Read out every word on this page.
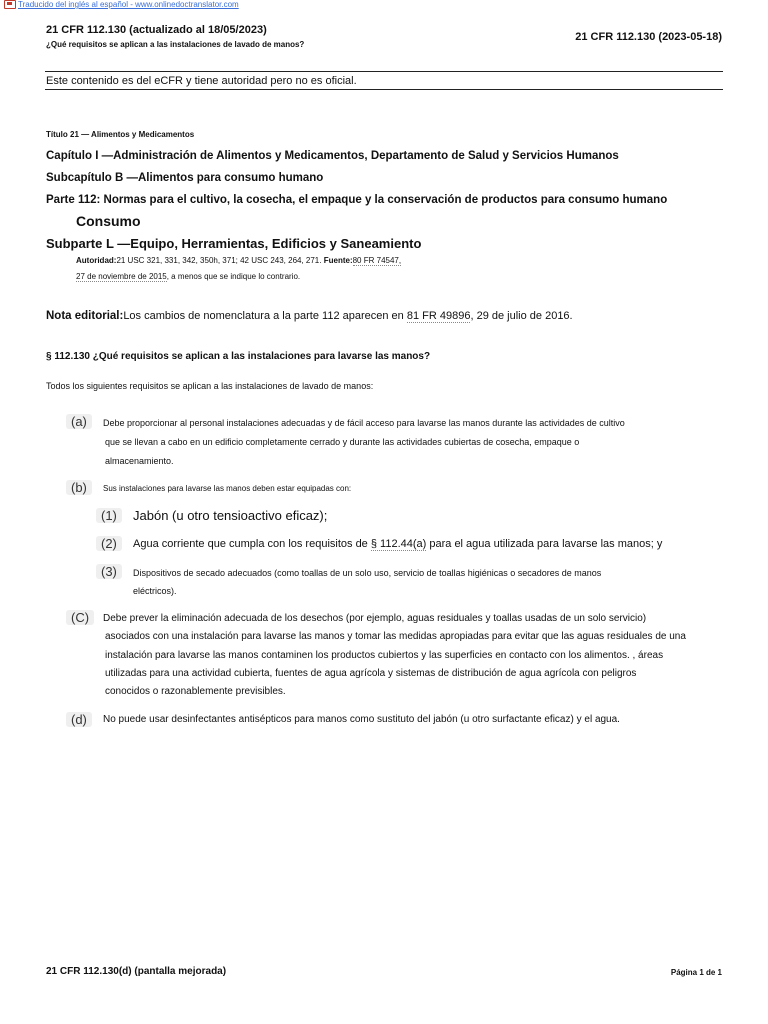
Traducido del inglés al español - www.onlinedoctranslator.com
21 CFR 112.130 (actualizado al 18/05/2023)
¿Qué requisitos se aplican a las instalaciones de lavado de manos?
21 CFR 112.130 (2023-05-18)
Este contenido es del eCFR y tiene autoridad pero no es oficial.
Título 21 — Alimentos y Medicamentos
Capítulo I —Administración de Alimentos y Medicamentos, Departamento de Salud y Servicios Humanos
Subcapítulo B —Alimentos para consumo humano
Parte 112: Normas para el cultivo, la cosecha, el empaque y la conservación de productos para consumo humano
Consumo
Subparte L —Equipo, Herramientas, Edificios y Saneamiento
Autoridad:21 USC 321, 331, 342, 350h, 371; 42 USC 243, 264, 271. Fuente:80 FR 74547,
27 de noviembre de 2015, a menos que se indique lo contrario.
Nota editorial:Los cambios de nomenclatura a la parte 112 aparecen en 81 FR 49896, 29 de julio de 2016.
§ 112.130 ¿Qué requisitos se aplican a las instalaciones para lavarse las manos?
Todos los siguientes requisitos se aplican a las instalaciones de lavado de manos:
(a)	Debe proporcionar al personal instalaciones adecuadas y de fácil acceso para lavarse las manos durante las actividades de cultivo
que se llevan a cabo en un edificio completamente cerrado y durante las actividades cubiertas de cosecha, empaque o
almacenamiento.
(b)	Sus instalaciones para lavarse las manos deben estar equipadas con:
(1)	Jabón (u otro tensioactivo eficaz);
(2)	Agua corriente que cumpla con los requisitos de § 112.44(a) para el agua utilizada para lavarse las manos; y
(3)	Dispositivos de secado adecuados (como toallas de un solo uso, servicio de toallas higiénicas o secadores de manos
eléctricos).
(C)	Debe prever la eliminación adecuada de los desechos (por ejemplo, aguas residuales y toallas usadas de un solo servicio)
asociados con una instalación para lavarse las manos y tomar las medidas apropiadas para evitar que las aguas residuales de una
instalación para lavarse las manos contaminen los productos cubiertos y las superficies en contacto con los alimentos. , áreas
utilizadas para una actividad cubierta, fuentes de agua agrícola y sistemas de distribución de agua agrícola con peligros
conocidos o razonablemente previsibles.
(d)	No puede usar desinfectantes antisépticos para manos como sustituto del jabón (u otro surfactante eficaz) y el agua.
21 CFR 112.130(d) (pantalla mejorada)	Página 1 de 1
